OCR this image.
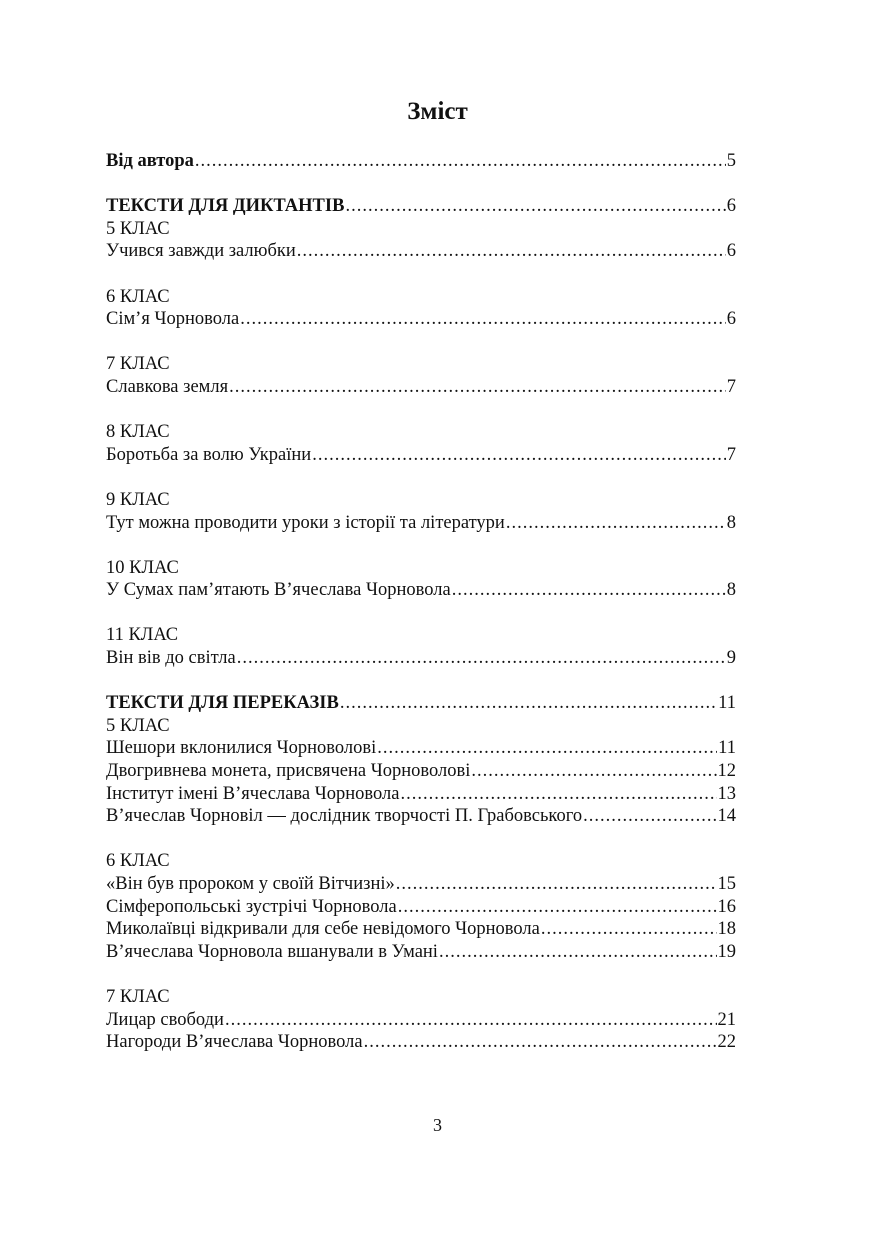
Зміст
Від автора .....	5
ТЕКСТИ ДЛЯ ДИКТАНТІВ .....	6
5 КЛАС
Учився завжди залюбки .....	6
6 КЛАС
Сім’я Чорновола .....	6
7 КЛАС
Славкова земля .....	7
8 КЛАС
Боротьба за волю України .....	7
9 КЛАС
Тут можна проводити уроки з історії та літератури .....	8
10 КЛАС
У Сумах пам’ятають В’ячеслава Чорновола .....	8
11 КЛАС
Він вів до світла .....	9
ТЕКСТИ ДЛЯ ПЕРЕКАЗІВ .....	11
5 КЛАС
Шешори вклонилися Чорноволові .....	11
Двогривнева монета, присвячена Чорноволові .....	12
Інститут імені В’ячеслава Чорновола .....	13
В’ячеслав Чорновіл — дослідник творчості П. Грабовського .....	14
6 КЛАС
«Він був пророком у своїй Вітчизні» .....	15
Сімферопольські зустрічі Чорновола .....	16
Миколаївці відкривали для себе невідомого Чорновола .....	18
В’ячеслава Чорновола вшанували в Умані .....	19
7 КЛАС
Лицар свободи .....	21
Нагороди В’ячеслава Чорновола .....	22
3
